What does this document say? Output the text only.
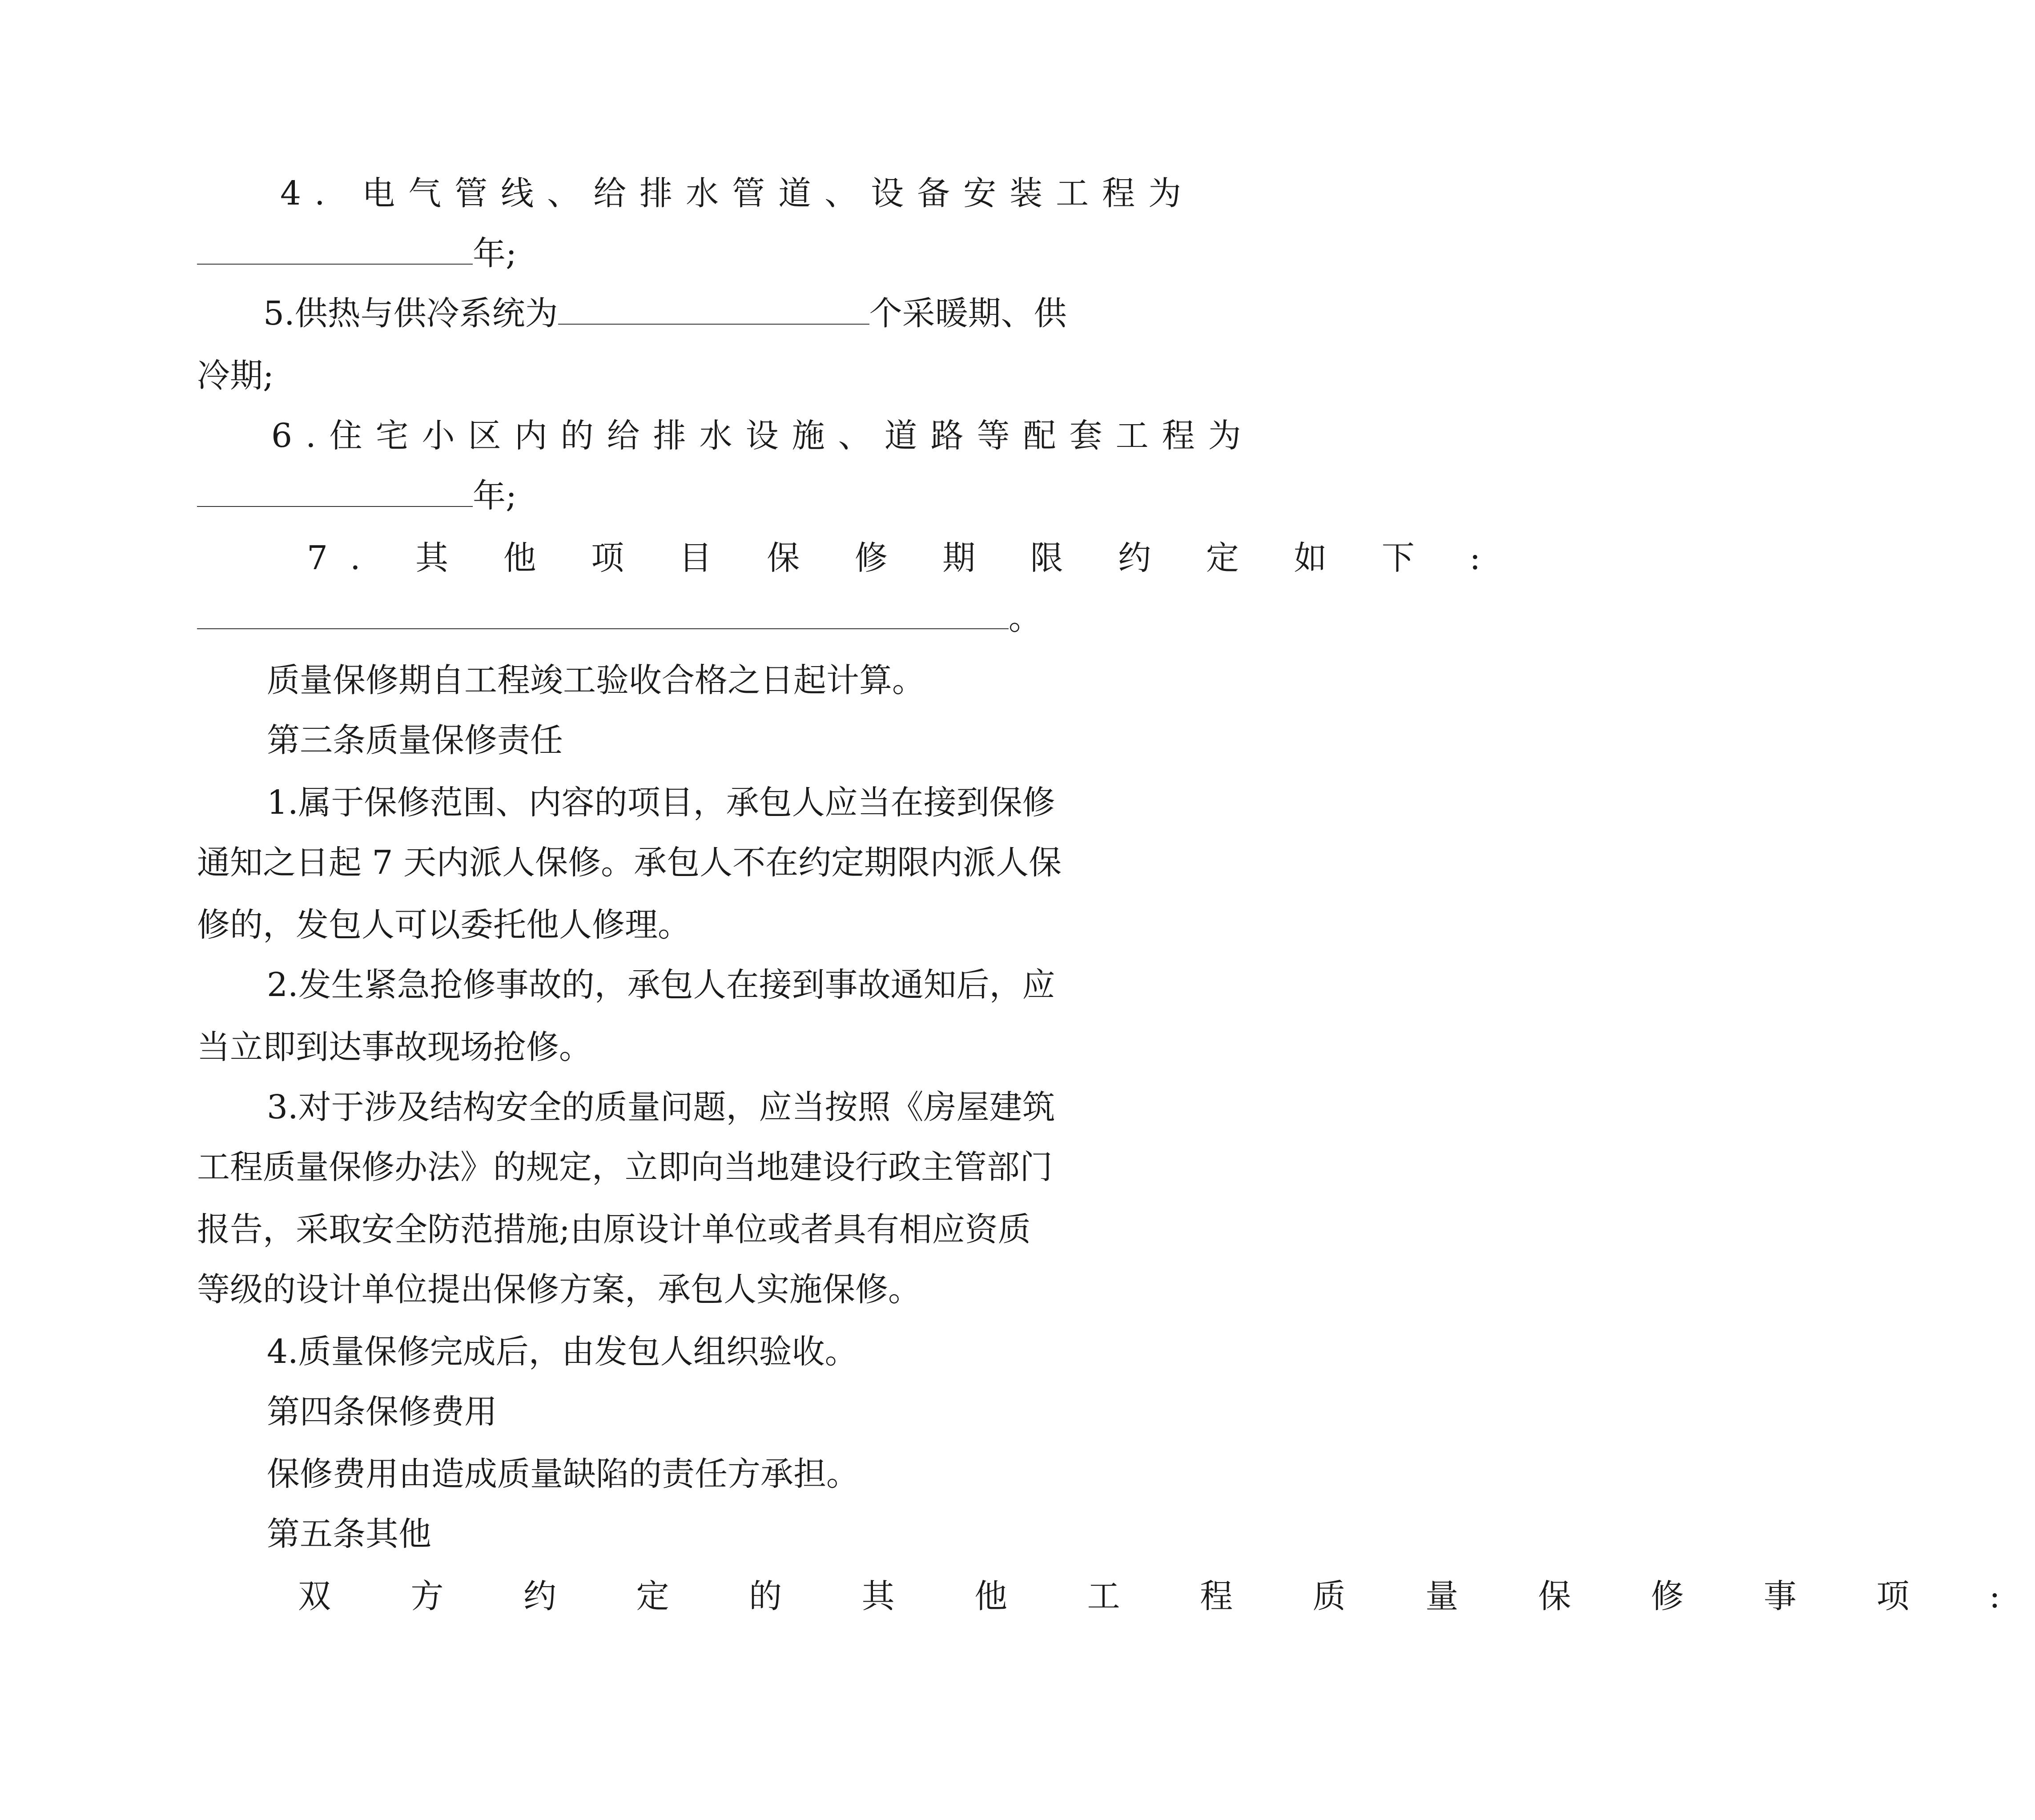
4. 电气管线、给排水管道、设备安装工程为
年;
5.供热与供冷系统为	个采暖期、供
冷期;
6.住宅小区内的给排水设施、道路等配套工程为
年;
7. 其 他 项 目 保 修 期 限 约 定 如 下 :
。
质量保修期自工程竣工验收合格之日起计算。
第三条质量保修责任
1.属于保修范围、内容的项目，承包人应当在接到保修
通知之日起 7 天内派人保修。承包人不在约定期限内派人保
修的，发包人可以委托他人修理。
2.发生紧急抢修事故的，承包人在接到事故通知后，应
当立即到达事故现场抢修。
3.对于涉及结构安全的质量问题，应当按照《房屋建筑
工程质量保修办法》的规定，立即向当地建设行政主管部门
报告，采取安全防范措施;由原设计单位或者具有相应资质
等级的设计单位提出保修方案，承包人实施保修。
4.质量保修完成后，由发包人组织验收。
第四条保修费用
保修费用由造成质量缺陷的责任方承担。
第五条其他
双 方 约 定 的 其 他 工 程 质 量 保 修 事 项 :
